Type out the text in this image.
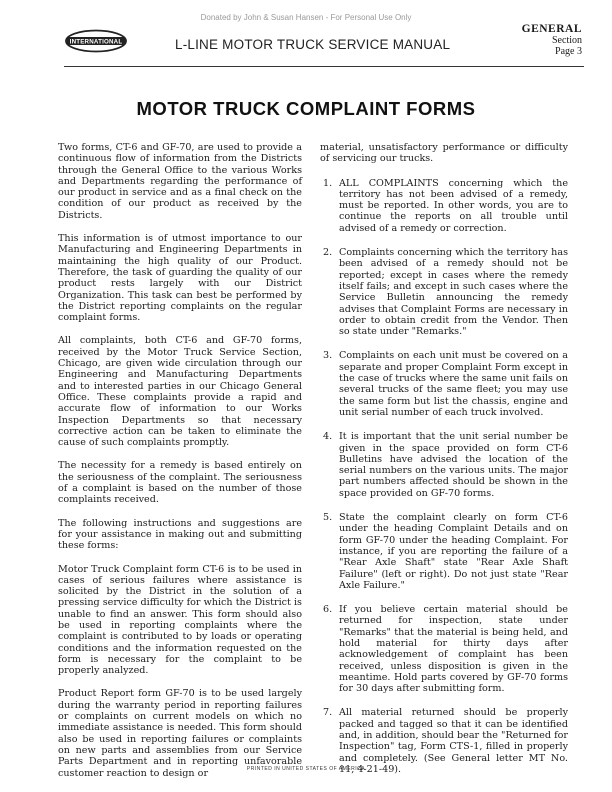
Donated by John & Susan Hansen - For Personal Use Only
INTERNATIONAL	L-LINE MOTOR TRUCK SERVICE MANUAL
GENERAL
Section
Page 3
MOTOR TRUCK COMPLAINT FORMS

Two forms, CT-6 and GF-70, are used to provide a continuous flow of information from the Districts through the General Office to the various Works and Departments regarding the performance of our product in service and as a final check on the condition of our product as received by the Districts.

This information is of utmost importance to our Manufacturing and Engineering Departments in maintaining the high quality of our Product. Therefore, the task of guarding the quality of our product rests largely with our District Organization. This task can best be performed by the District reporting complaints on the regular complaint forms.

All complaints, both CT-6 and GF-70 forms, received by the Motor Truck Service Section, Chicago, are given wide circulation through our Engineering and Manufacturing Departments and to interested parties in our Chicago General Office. These complaints provide a rapid and accurate flow of information to our Works Inspection Departments so that necessary corrective action can be taken to eliminate the cause of such complaints promptly.

The necessity for a remedy is based entirely on the seriousness of the complaint. The seriousness of a complaint is based on the number of those complaints received.

The following instructions and suggestions are for your assistance in making out and submitting these forms:

Motor Truck Complaint form CT-6 is to be used in cases of serious failures where assistance is solicited by the District in the solution of a pressing service difficulty for which the District is unable to find an answer. This form should also be used in reporting complaints where the complaint is contributed to by loads or operating conditions and the information requested on the form is necessary for the complaint to be properly analyzed.

Product Report form GF-70 is to be used largely during the warranty period in reporting failures or complaints on current models on which no immediate assistance is needed. This form should also be used in reporting failures or complaints on new parts and assemblies from our Service Parts Department and in reporting unfavorable customer reaction to design or

material, unsatisfactory performance or difficulty of servicing our trucks.

1. ALL COMPLAINTS concerning which the territory has not been advised of a remedy, must be reported. In other words, you are to continue the reports on all trouble until advised of a remedy or correction.
2. Complaints concerning which the territory has been advised of a remedy should not be reported; except in cases where the remedy itself fails; and except in such cases where the Service Bulletin announcing the remedy advises that Complaint Forms are necessary in order to obtain credit from the Vendor. Then so state under "Remarks."
3. Complaints on each unit must be covered on a separate and proper Complaint Form except in the case of trucks where the same unit fails on several trucks of the same fleet; you may use the same form but list the chassis, engine and unit serial number of each truck involved.
4. It is important that the unit serial number be given in the space provided on form CT-6 Bulletins have advised the location of the serial numbers on the various units. The major part numbers affected should be shown in the space provided on GF-70 forms.
5. State the complaint clearly on form CT-6 under the heading Complaint Details and on form GF-70 under the heading Complaint. For instance, if you are reporting the failure of a "Rear Axle Shaft" state "Rear Axle Shaft Failure" (left or right). Do not just state "Rear Axle Failure."
6. If you believe certain material should be returned for inspection, state under "Remarks" that the material is being held, and hold material for thirty days after acknowledgement of complaint has been received, unless disposition is given in the meantime. Hold parts covered by GF-70 forms for 30 days after submitting form.
7. All material returned should be properly packed and tagged so that it can be identified and, in addition, should bear the "Returned for Inspection" tag, Form CTS-1, filled in properly and completely. (See General letter MT No. 11, 4-21-49).
PRINTED IN UNITED STATES OF AMERICA
